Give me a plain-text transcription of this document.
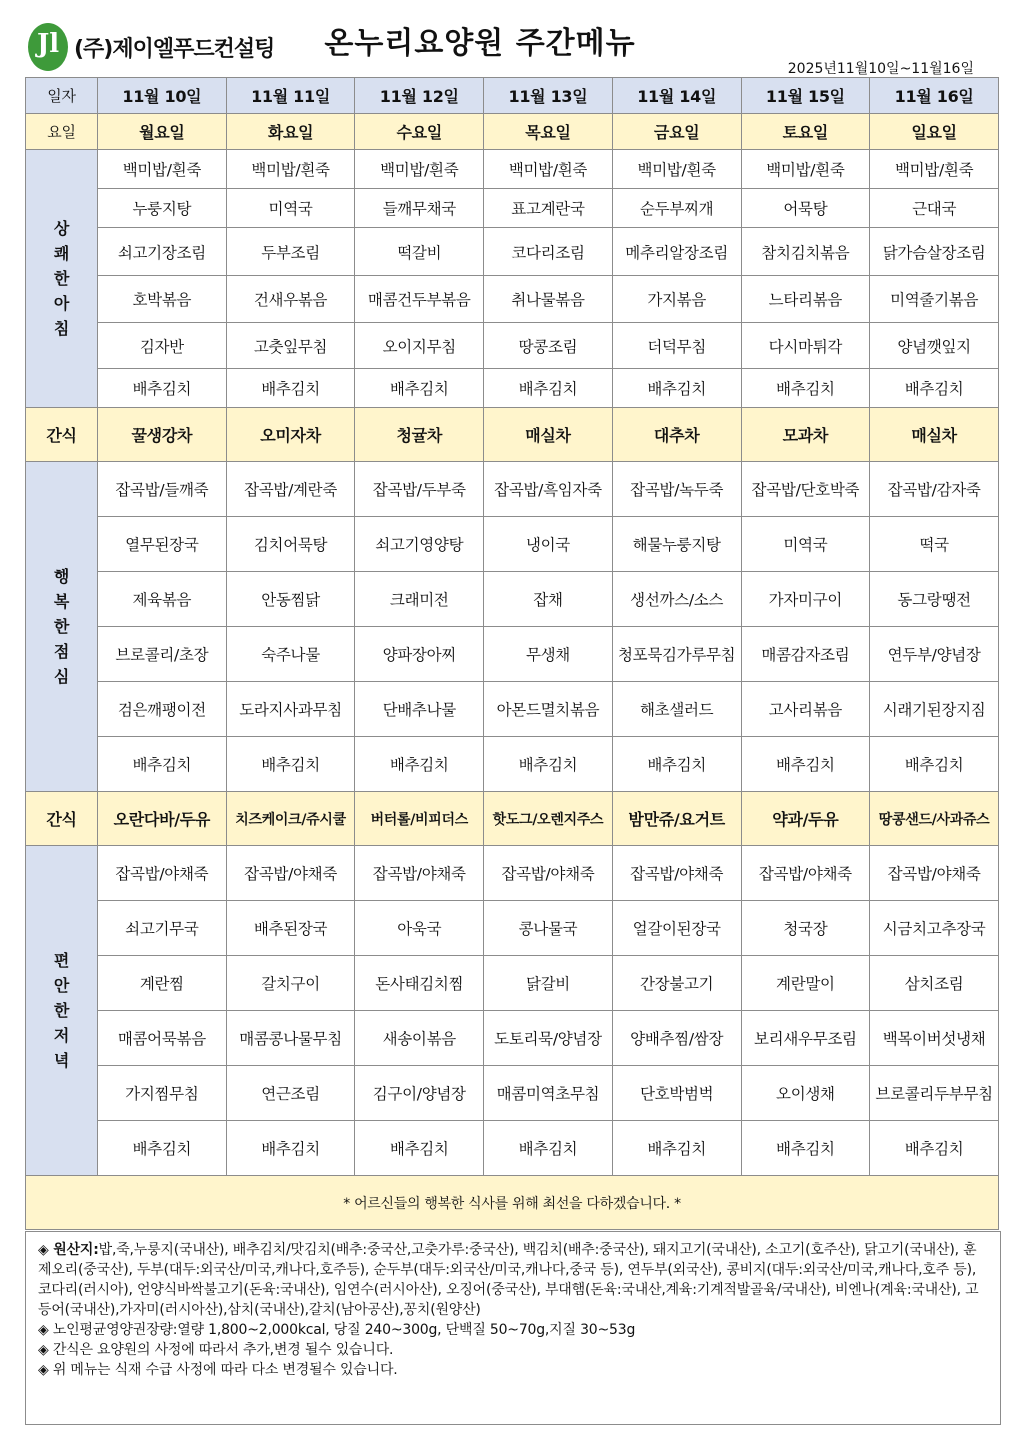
Jl (주)제이엘푸드컨설팅	온누리요양원 주간메뉴
2025년11월10일~11월16일
일자	11월 10일	11월 11일	11월 12일	11월 13일	11월 14일	11월 15일	11월 16일
요일	월요일	화요일	수요일	목요일	금요일	토요일	일요일
상쾌한아침	백미밥/흰죽	백미밥/흰죽	백미밥/흰죽	백미밥/흰죽	백미밥/흰죽	백미밥/흰죽	백미밥/흰죽
	누룽지탕	미역국	들깨무채국	표고계란국	순두부찌개	어묵탕	근대국
	쇠고기장조림	두부조림	떡갈비	코다리조림	메추리알장조림	참치김치볶음	닭가슴살장조림
	호박볶음	건새우볶음	매콤건두부볶음	취나물볶음	가지볶음	느타리볶음	미역줄기볶음
	김자반	고춧잎무침	오이지무침	땅콩조림	더덕무침	다시마튀각	양념깻잎지
	배추김치	배추김치	배추김치	배추김치	배추김치	배추김치	배추김치
간식	꿀생강차	오미자차	청귤차	매실차	대추차	모과차	매실차
행복한점심	잡곡밥/들깨죽	잡곡밥/계란죽	잡곡밥/두부죽	잡곡밥/흑임자죽	잡곡밥/녹두죽	잡곡밥/단호박죽	잡곡밥/감자죽
	열무된장국	김치어묵탕	쇠고기영양탕	냉이국	해물누룽지탕	미역국	떡국
	제육볶음	안동찜닭	크래미전	잡채	생선까스/소스	가자미구이	동그랑땡전
	브로콜리/초장	숙주나물	양파장아찌	무생채	청포묵김가루무침	매콤감자조림	연두부/양념장
	검은깨팽이전	도라지사과무침	단배추나물	아몬드멸치볶음	해초샐러드	고사리볶음	시래기된장지짐
	배추김치	배추김치	배추김치	배추김치	배추김치	배추김치	배추김치
간식	오란다바/두유	치즈케이크/쥬시쿨	버터롤/비피더스	핫도그/오렌지주스	밤만쥬/요거트	약과/두유	땅콩샌드/사과쥬스
편안한저녁	잡곡밥/야채죽	잡곡밥/야채죽	잡곡밥/야채죽	잡곡밥/야채죽	잡곡밥/야채죽	잡곡밥/야채죽	잡곡밥/야채죽
	쇠고기무국	배추된장국	아욱국	콩나물국	얼갈이된장국	청국장	시금치고추장국
	계란찜	갈치구이	돈사태김치찜	닭갈비	간장불고기	계란말이	삼치조림
	매콤어묵볶음	매콤콩나물무침	새송이볶음	도토리묵/양념장	양배추찜/쌈장	보리새우무조림	백목이버섯냉채
	가지찜무침	연근조림	김구이/양념장	매콤미역초무침	단호박범벅	오이생채	브로콜리두부무침
	배추김치	배추김치	배추김치	배추김치	배추김치	배추김치	배추김치
* 어르신들의 행복한 식사를 위해 최선을 다하겠습니다. *							

◈ 원산지:밥,죽,누룽지(국내산), 배추김치/맛김치(배추:중국산,고춧가루:중국산), 백김치(배추:중국산), 돼지고기(국내산), 소고기(호주산), 닭고기(국내산), 훈제오리(중국산), 두부(대두:외국산/미국,캐나다,호주등), 순두부(대두:외국산/미국,캐나다,중국 등), 연두부(외국산), 콩비지(대두:외국산/미국,캐나다,호주 등), 코다리(러시아), 언양식바싹불고기(돈육:국내산), 임연수(러시아산), 오징어(중국산), 부대햄(돈육:국내산,계육:기계적발골육/국내산), 비엔나(계육:국내산), 고등어(국내산),가자미(러시아산),삼치(국내산),갈치(남아공산),꽁치(원양산)

◈ 노인평균영양권장량:열량 1,800~2,000kcal, 당질 240~300g, 단백질 50~70g,지질 30~53g

◈ 간식은 요양원의 사정에 따라서 추가,변경 될수 있습니다.

◈ 위 메뉴는 식재 수급 사정에 따라 다소 변경될수 있습니다.
